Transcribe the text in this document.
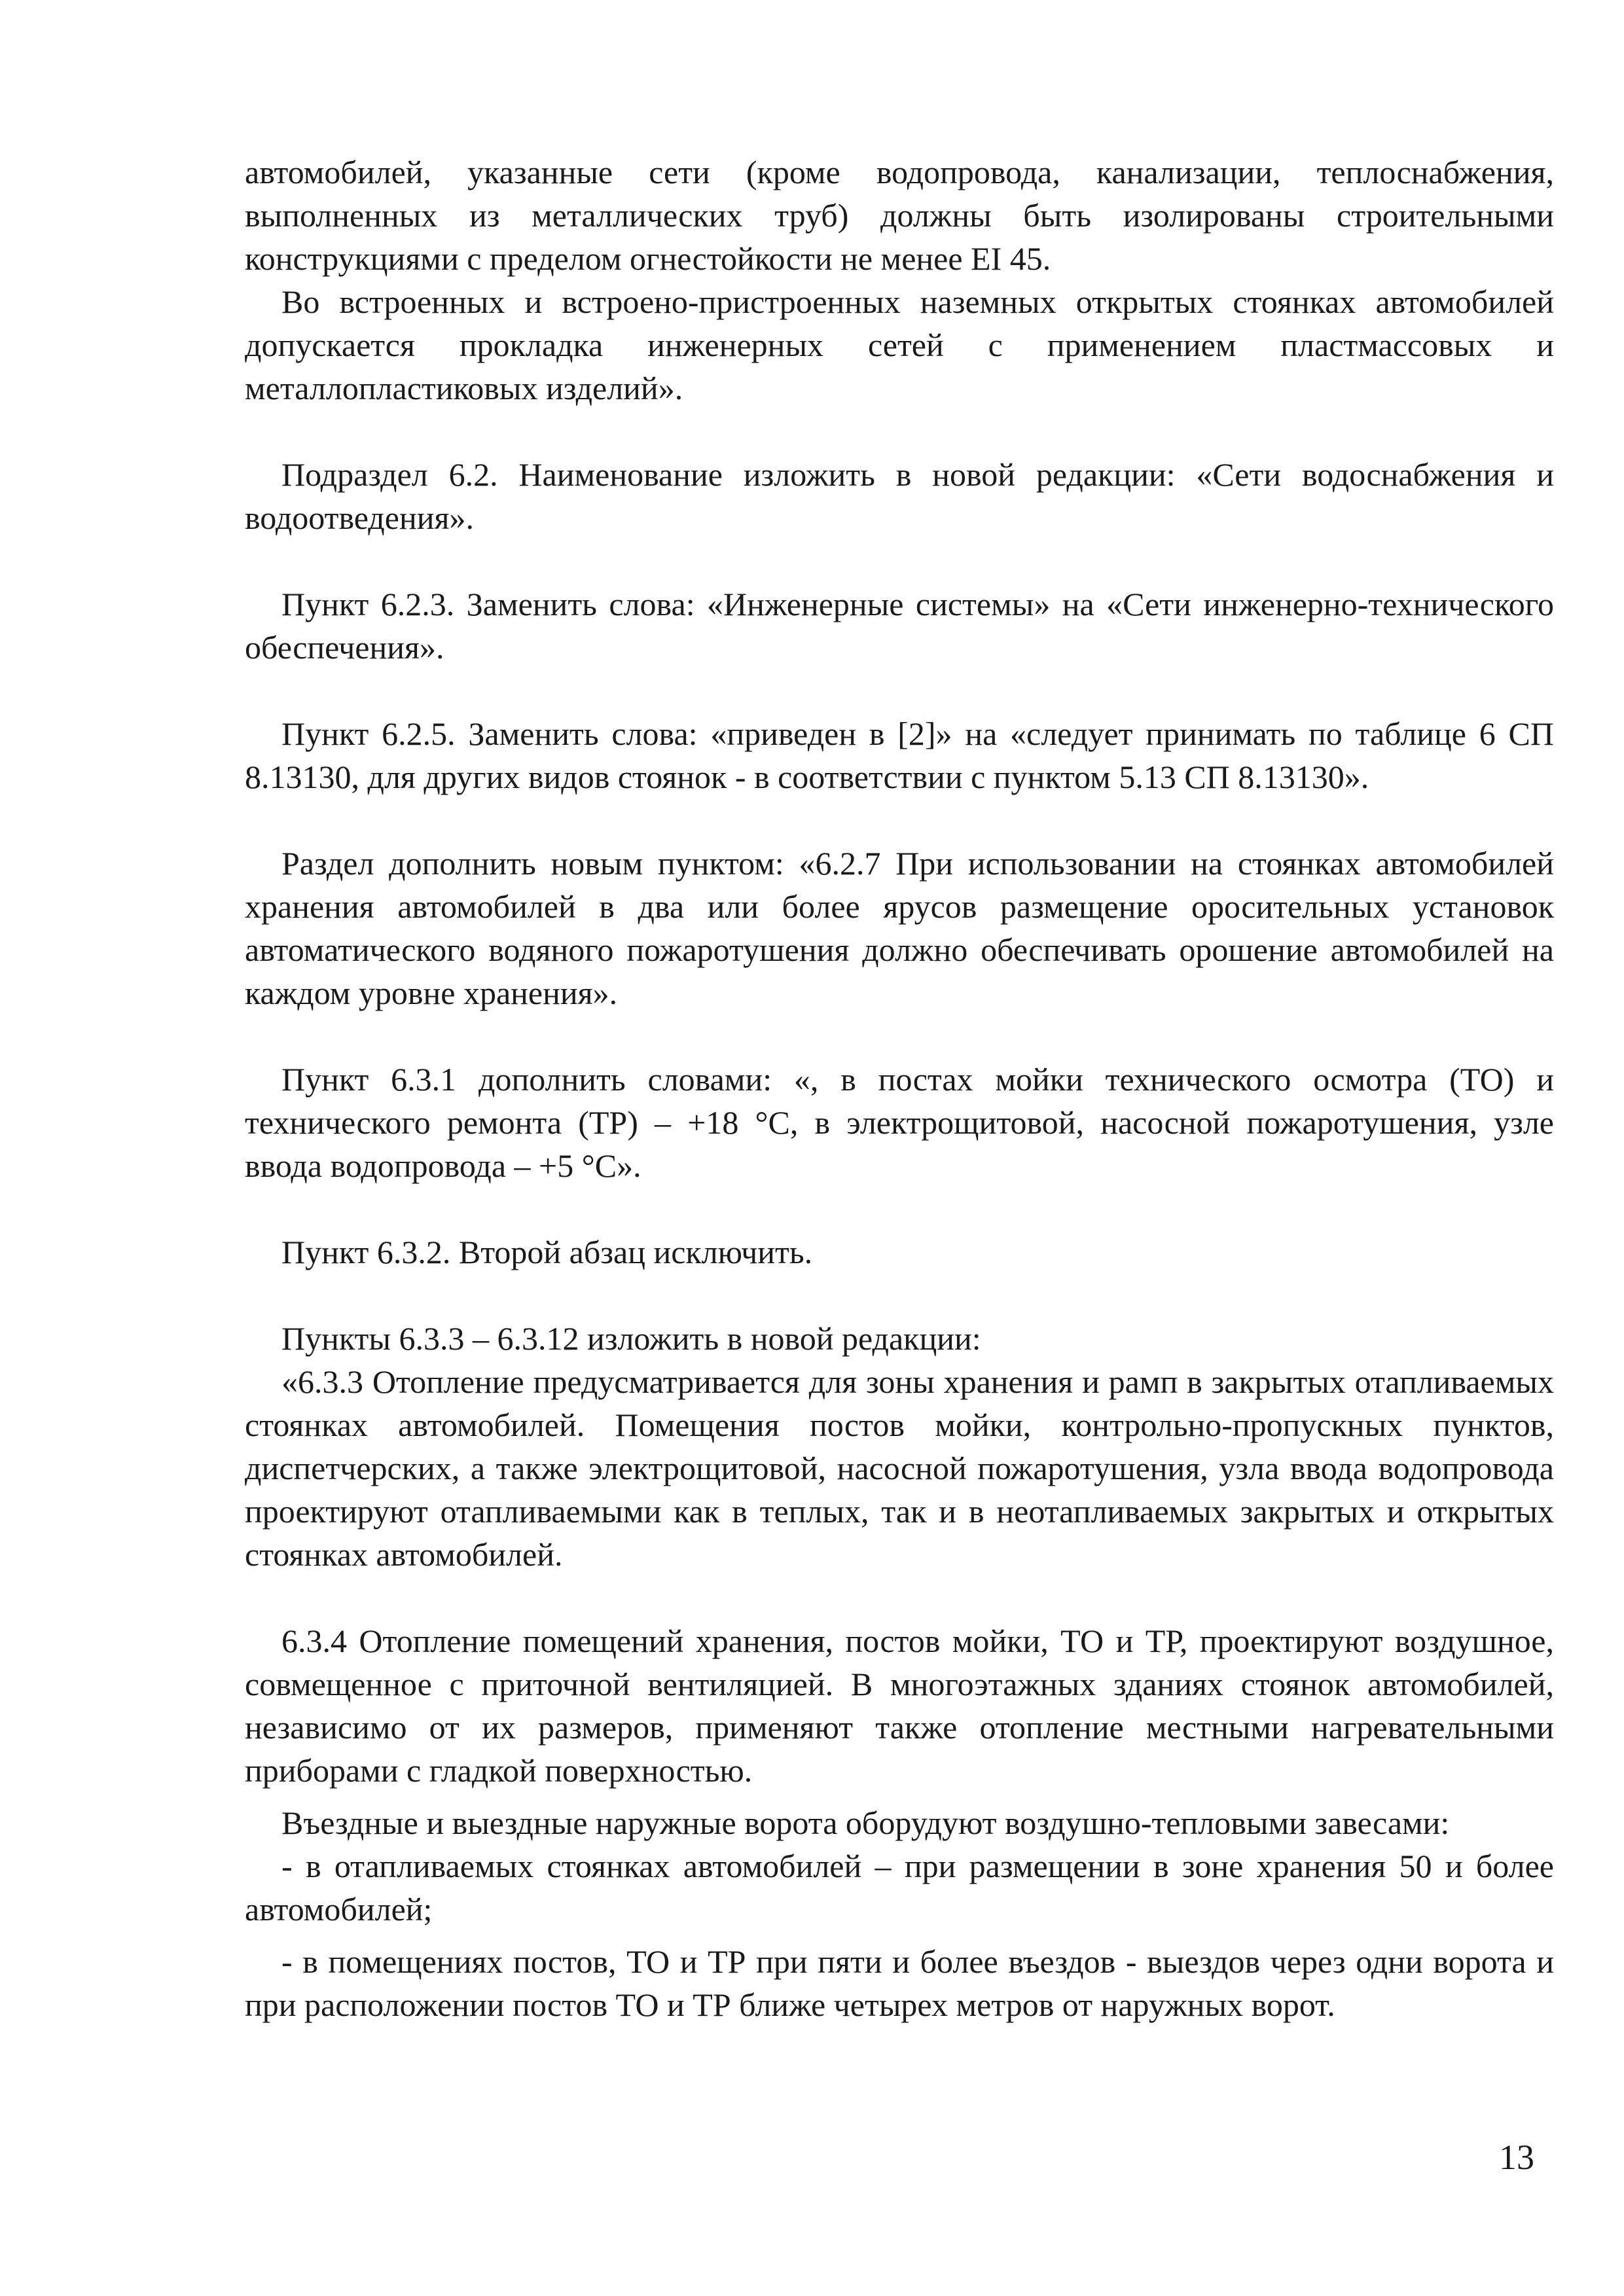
автомобилей, указанные сети (кроме водопровода, канализации, теплоснабжения, выполненных из металлических труб) должны быть изолированы строительными конструкциями с пределом огнестойкости не менее EI 45.

Во встроенных и встроено-пристроенных наземных открытых стоянках автомобилей допускается прокладка инженерных сетей с применением пластмассовых и металлопластиковых изделий».

Подраздел 6.2. Наименование изложить в новой редакции: «Сети водоснабжения и водоотведения».

Пункт 6.2.3. Заменить слова: «Инженерные системы» на «Сети инженерно-технического обеспечения».

Пункт 6.2.5. Заменить слова: «приведен в [2]» на «следует принимать по таблице 6 СП 8.13130, для других видов стоянок - в соответствии с пунктом 5.13 СП 8.13130».

Раздел дополнить новым пунктом: «6.2.7 При использовании на стоянках автомобилей хранения автомобилей в два или более ярусов размещение оросительных установок автоматического водяного пожаротушения должно обеспечивать орошение автомобилей на каждом уровне хранения».

Пункт 6.3.1 дополнить словами: «, в постах мойки технического осмотра (ТО) и технического ремонта (ТР) – +18 °С, в электрощитовой, насосной пожаротушения, узле ввода водопровода – +5 °С».

Пункт 6.3.2. Второй абзац исключить.

Пункты 6.3.3 – 6.3.12 изложить в новой редакции:

«6.3.3 Отопление предусматривается для зоны хранения и рамп в закрытых отапливаемых стоянках автомобилей. Помещения постов мойки, контрольно-пропускных пунктов, диспетчерских, а также электрощитовой, насосной пожаротушения, узла ввода водопровода проектируют отапливаемыми как в теплых, так и в неотапливаемых закрытых и открытых стоянках автомобилей.

6.3.4 Отопление помещений хранения, постов мойки, ТО и ТР, проектируют воздушное, совмещенное с приточной вентиляцией. В многоэтажных зданиях стоянок автомобилей, независимо от их размеров, применяют также отопление местными нагревательными приборами с гладкой поверхностью.

Въездные и выездные наружные ворота оборудуют воздушно-тепловыми завесами:

- в отапливаемых стоянках автомобилей – при размещении в зоне хранения 50 и более автомобилей;

- в помещениях постов, ТО и ТР при пяти и более въездов - выездов через одни ворота и при расположении постов ТО и ТР ближе четырех метров от наружных ворот.

13
